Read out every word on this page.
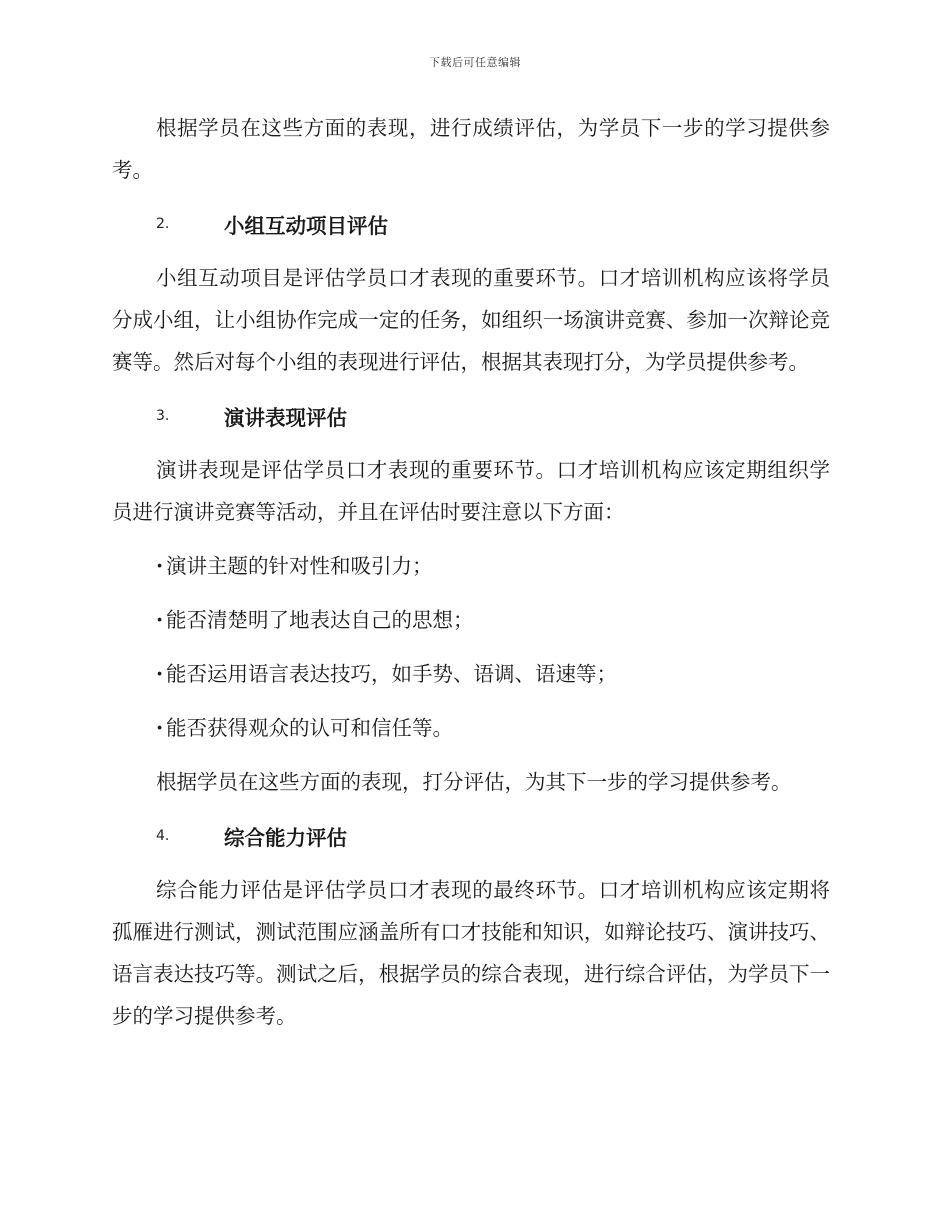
下载后可任意编辑

根据学员在这些方面的表现，进行成绩评估，为学员下一步的学习提供参考。

2.	小组互动项目评估

小组互动项目是评估学员口才表现的重要环节。口才培训机构应该将学员分成小组，让小组协作完成一定的任务，如组织一场演讲竞赛、参加一次辩论竞赛等。然后对每个小组的表现进行评估，根据其表现打分，为学员提供参考。

3.	演讲表现评估

演讲表现是评估学员口才表现的重要环节。口才培训机构应该定期组织学员进行演讲竞赛等活动，并且在评估时要注意以下方面：

· 演讲主题的针对性和吸引力；

· 能否清楚明了地表达自己的思想；

· 能否运用语言表达技巧，如手势、语调、语速等；

· 能否获得观众的认可和信任等。

根据学员在这些方面的表现，打分评估，为其下一步的学习提供参考。

4.	综合能力评估

综合能力评估是评估学员口才表现的最终环节。口才培训机构应该定期将孤雁进行测试，测试范围应涵盖所有口才技能和知识，如辩论技巧、演讲技巧、语言表达技巧等。测试之后，根据学员的综合表现，进行综合评估，为学员下一步的学习提供参考。
